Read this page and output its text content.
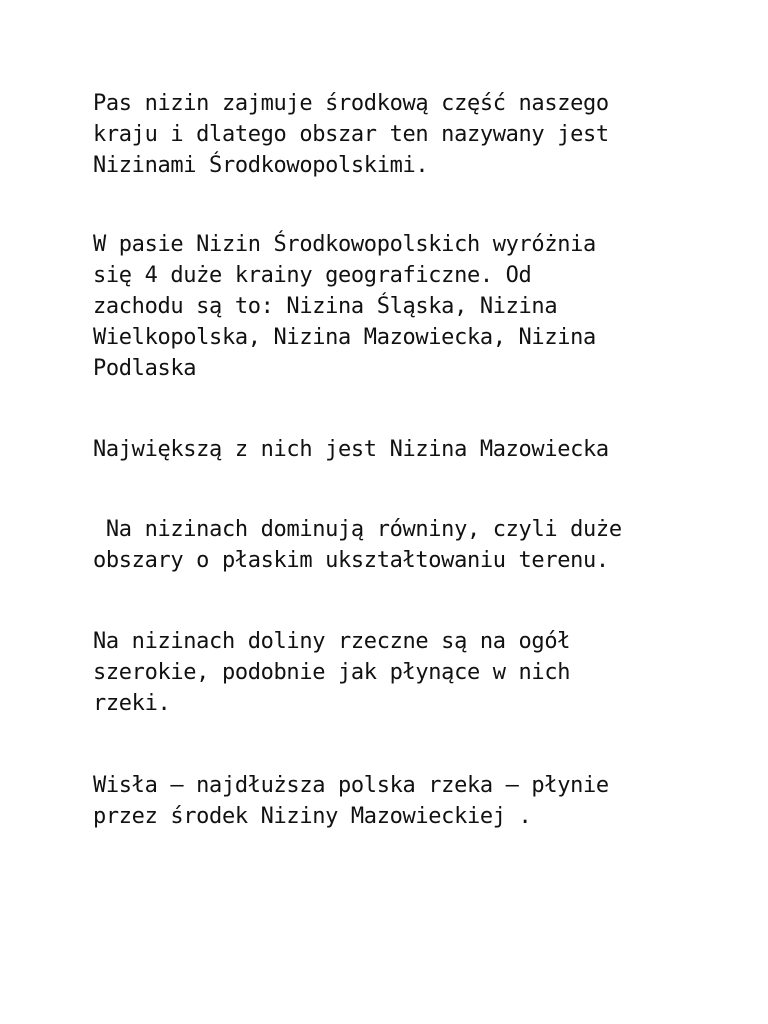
Pas nizin zajmuje środkową część naszego
kraju i dlatego obszar ten nazywany jest
Nizinami Środkowopolskimi.

W pasie Nizin Środkowopolskich wyróżnia
się 4 duże krainy geograficzne. Od
zachodu są to: Nizina Śląska, Nizina
Wielkopolska, Nizina Mazowiecka, Nizina
Podlaska

Największą z nich jest Nizina Mazowiecka

Na nizinach dominują równiny, czyli duże
obszary o płaskim ukształtowaniu terenu.

Na nizinach doliny rzeczne są na ogół
szerokie, podobnie jak płynące w nich
rzeki.

Wisła – najdłuższa polska rzeka – płynie
przez środek Niziny Mazowieckiej .
